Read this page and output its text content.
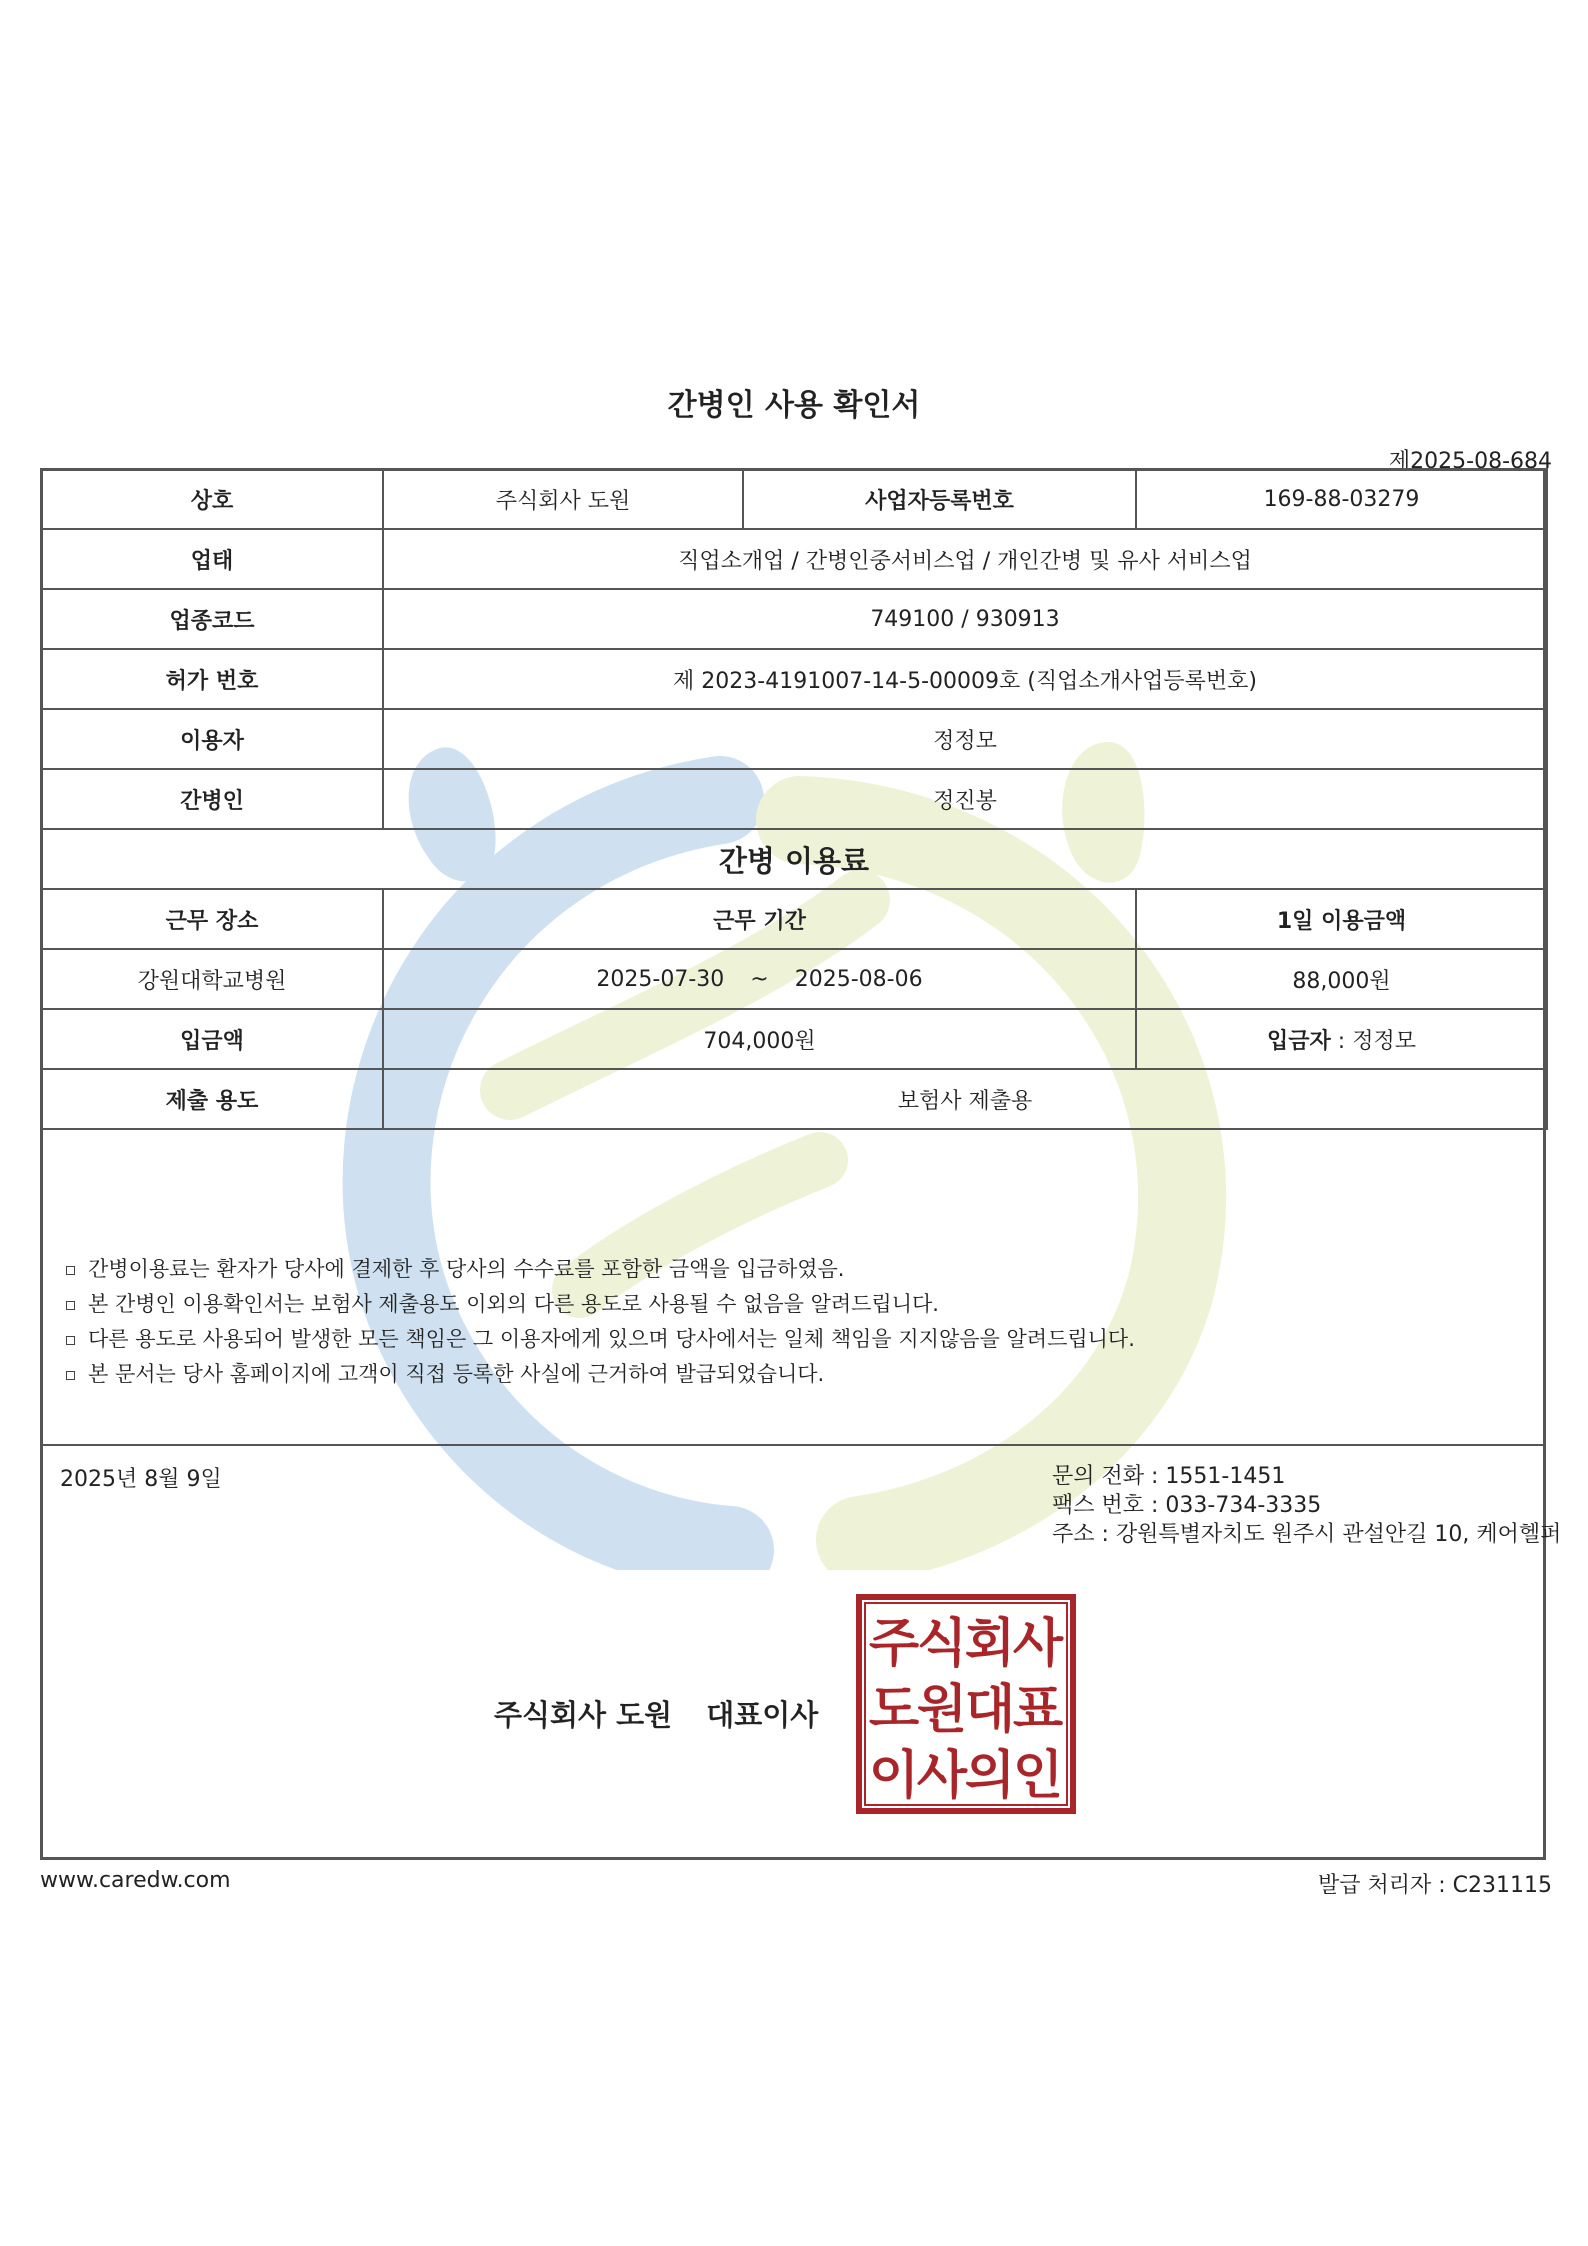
간병인 사용 확인서
제2025-08-684
상호	주식회사 도원	사업자등록번호	169-88-03279
업태	직업소개업 / 간병인중서비스업 / 개인간병 및 유사 서비스업		
업종코드	749100 / 930913		
허가 번호	제 2023-4191007-14-5-00009호 (직업소개사업등록번호)		
이용자	정정모		
간병인	정진봉		
간병 이용료			
근무 장소	근무 기간		1일 이용금액
강원대학교병원	2025-07-30 ~ 2025-08-06		88,000원
입금액	704,000원		입금자 : 정정모
제출 용도	보험사 제출용		
간병이용료는 환자가 당사에 결제한 후 당사의 수수료를 포함한 금액을 입금하였음.
본 간병인 이용확인서는 보험사 제출용도 이외의 다른 용도로 사용될 수 없음을 알려드립니다.
다른 용도로 사용되어 발생한 모든 책임은 그 이용자에게 있으며 당사에서는 일체 책임을 지지않음을 알려드립니다.
본 문서는 당사 홈페이지에 고객이 직접 등록한 사실에 근거하여 발급되었습니다.
2025년 8월 9일	문의 전화 : 1551-1451
팩스 번호 : 033-734-3335
주소 : 강원특별자치도 원주시 관설안길 10, 케어헬퍼
주식회사 도원 대표이사
주
식
회
사
도
원
대
표
이
사
의
인
www.caredw.com	발급 처리자 : C231115
